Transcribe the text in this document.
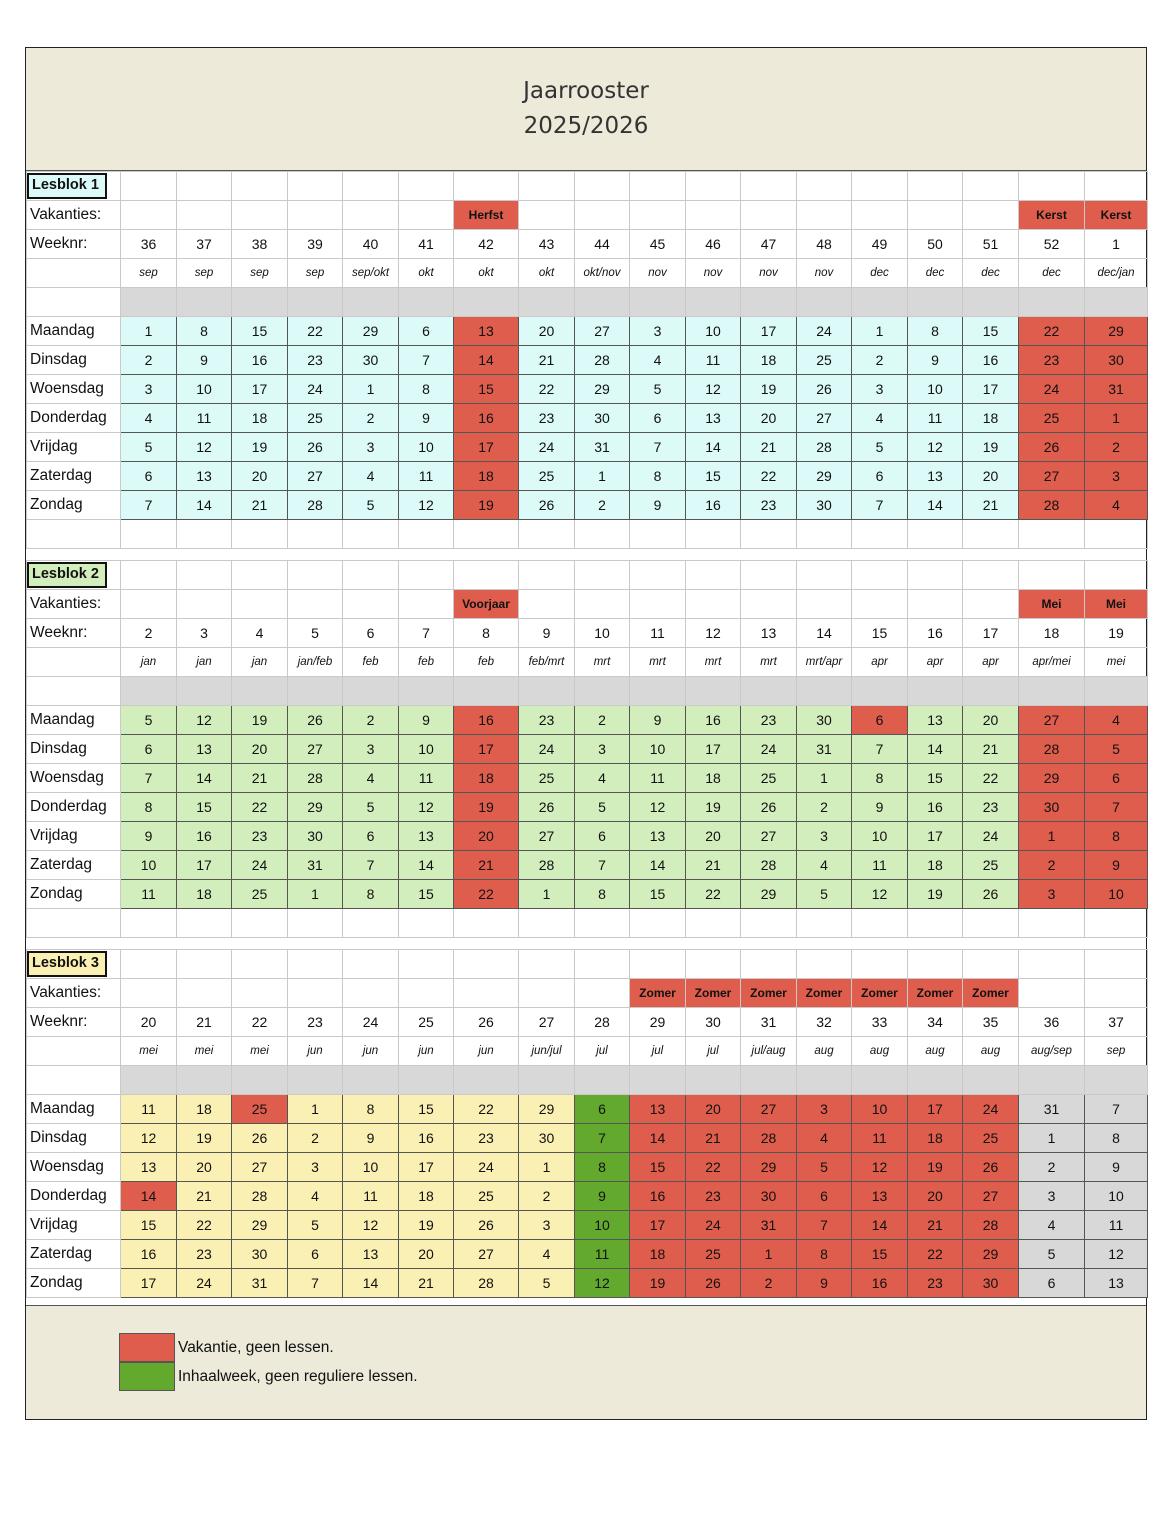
Jaarrooster
2025/2026
Lesblok 1																		
Vakanties:							Herfst										Kerst	Kerst
Weeknr:	36	37	38	39	40	41	42	43	44	45	46	47	48	49	50	51	52	1
	sep	sep	sep	sep	sep/okt	okt	okt	okt	okt/nov	nov	nov	nov	nov	dec	dec	dec	dec	dec/jan

Maandag	1	8	15	22	29	6	13	20	27	3	10	17	24	1	8	15	22	29
Dinsdag	2	9	16	23	30	7	14	21	28	4	11	18	25	2	9	16	23	30
Woensdag	3	10	17	24	1	8	15	22	29	5	12	19	26	3	10	17	24	31
Donderdag	4	11	18	25	2	9	16	23	30	6	13	20	27	4	11	18	25	1
Vrijdag	5	12	19	26	3	10	17	24	31	7	14	21	28	5	12	19	26	2
Zaterdag	6	13	20	27	4	11	18	25	1	8	15	22	29	6	13	20	27	3
Zondag	7	14	21	28	5	12	19	26	2	9	16	23	30	7	14	21	28	4

Lesblok 2																		
Vakanties:							Voorjaar										Mei	Mei
Weeknr:	2	3	4	5	6	7	8	9	10	11	12	13	14	15	16	17	18	19
	jan	jan	jan	jan/feb	feb	feb	feb	feb/mrt	mrt	mrt	mrt	mrt	mrt/apr	apr	apr	apr	apr/mei	mei

Maandag	5	12	19	26	2	9	16	23	2	9	16	23	30	6	13	20	27	4
Dinsdag	6	13	20	27	3	10	17	24	3	10	17	24	31	7	14	21	28	5
Woensdag	7	14	21	28	4	11	18	25	4	11	18	25	1	8	15	22	29	6
Donderdag	8	15	22	29	5	12	19	26	5	12	19	26	2	9	16	23	30	7
Vrijdag	9	16	23	30	6	13	20	27	6	13	20	27	3	10	17	24	1	8
Zaterdag	10	17	24	31	7	14	21	28	7	14	21	28	4	11	18	25	2	9
Zondag	11	18	25	1	8	15	22	1	8	15	22	29	5	12	19	26	3	10

Lesblok 3																		
Vakanties:										Zomer	Zomer	Zomer	Zomer	Zomer	Zomer	Zomer		
Weeknr:	20	21	22	23	24	25	26	27	28	29	30	31	32	33	34	35	36	37
	mei	mei	mei	jun	jun	jun	jun	jun/jul	jul	jul	jul	jul/aug	aug	aug	aug	aug	aug/sep	sep

Maandag	11	18	25	1	8	15	22	29	6	13	20	27	3	10	17	24	31	7
Dinsdag	12	19	26	2	9	16	23	30	7	14	21	28	4	11	18	25	1	8
Woensdag	13	20	27	3	10	17	24	1	8	15	22	29	5	12	19	26	2	9
Donderdag	14	21	28	4	11	18	25	2	9	16	23	30	6	13	20	27	3	10
Vrijdag	15	22	29	5	12	19	26	3	10	17	24	31	7	14	21	28	4	11
Zaterdag	16	23	30	6	13	20	27	4	11	18	25	1	8	15	22	29	5	12
Zondag	17	24	31	7	14	21	28	5	12	19	26	2	9	16	23	30	6	13
Vakantie, geen lessen.
Inhaalweek, geen reguliere lessen.
